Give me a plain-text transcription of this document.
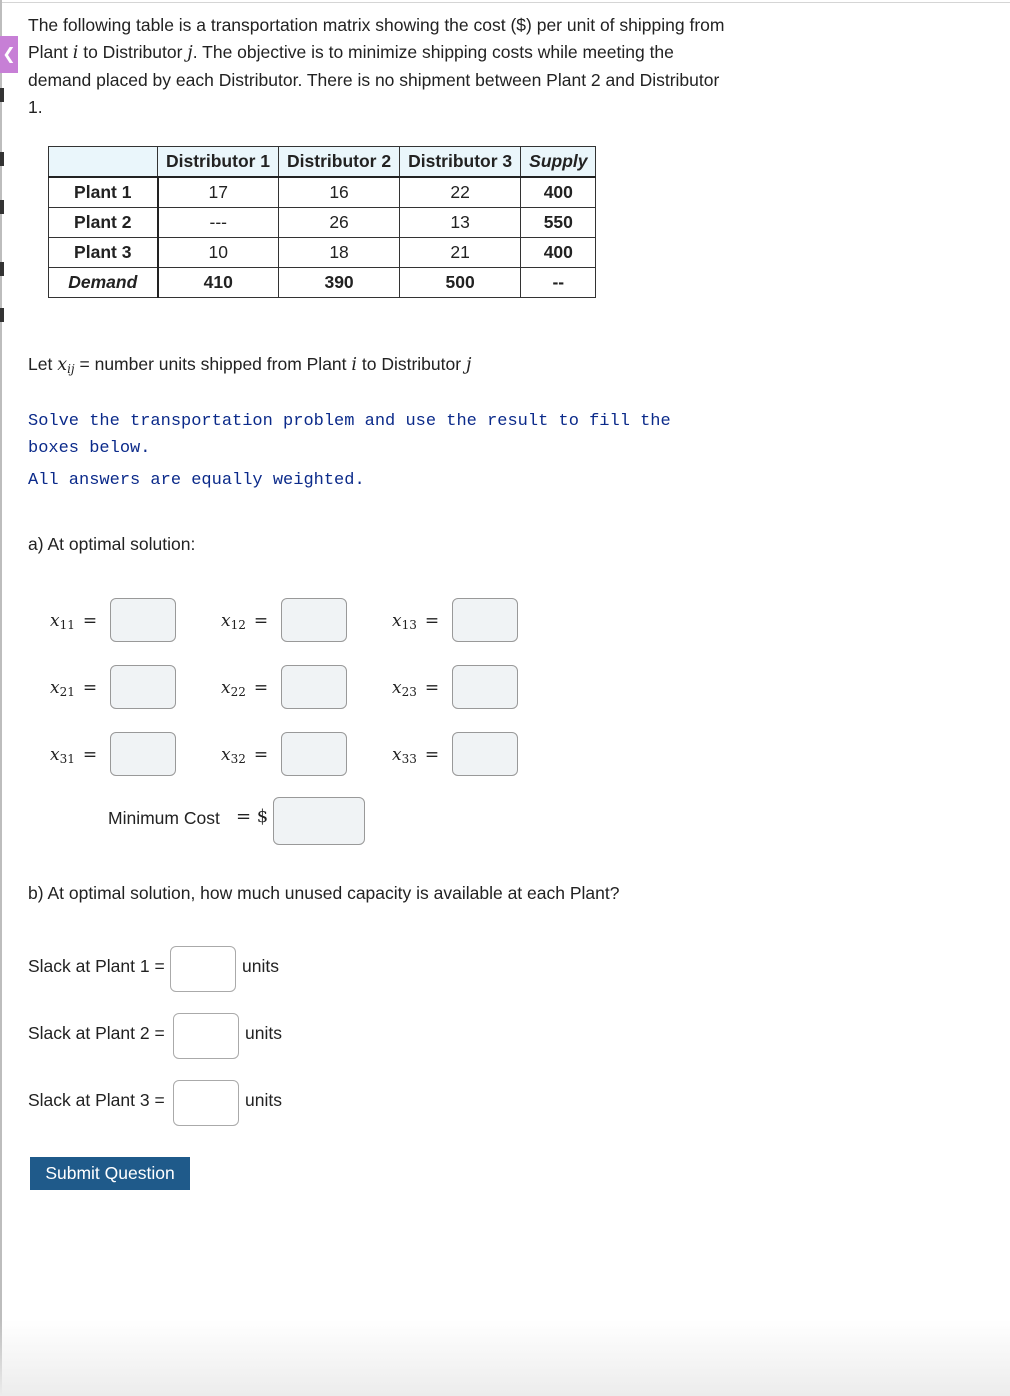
❮

The following table is a transportation matrix showing the cost ($) per unit of shipping from Plant i to Distributor j. The objective is to minimize shipping costs while meeting the demand placed by each Distributor. There is no shipment between Plant 2 and Distributor 1.

	Distributor 1	Distributor 2	Distributor 3	Supply
Plant 1	17	16	22	400
Plant 2	---	26	13	550
Plant 3	10	18	21	400
Demand	410	390	500	--

Let xij = number units shipped from Plant i to Distributor j

Solve the transportation problem and use the result to fill the boxes below.

All answers are equally weighted.

a) At optimal solution:

$x_{11}$ =	$x_{12}$ =	$x_{13}$ =
$x_{21}$ =	$x_{22}$ =	$x_{23}$ =
$x_{31}$ =	$x_{32}$ =	$x_{33}$ =

Minimum Cost = $

b) At optimal solution, how much unused capacity is available at each Plant?

Slack at Plant 1 =	units

Slack at Plant 2 =	units

Slack at Plant 3 =	units

Submit Question
